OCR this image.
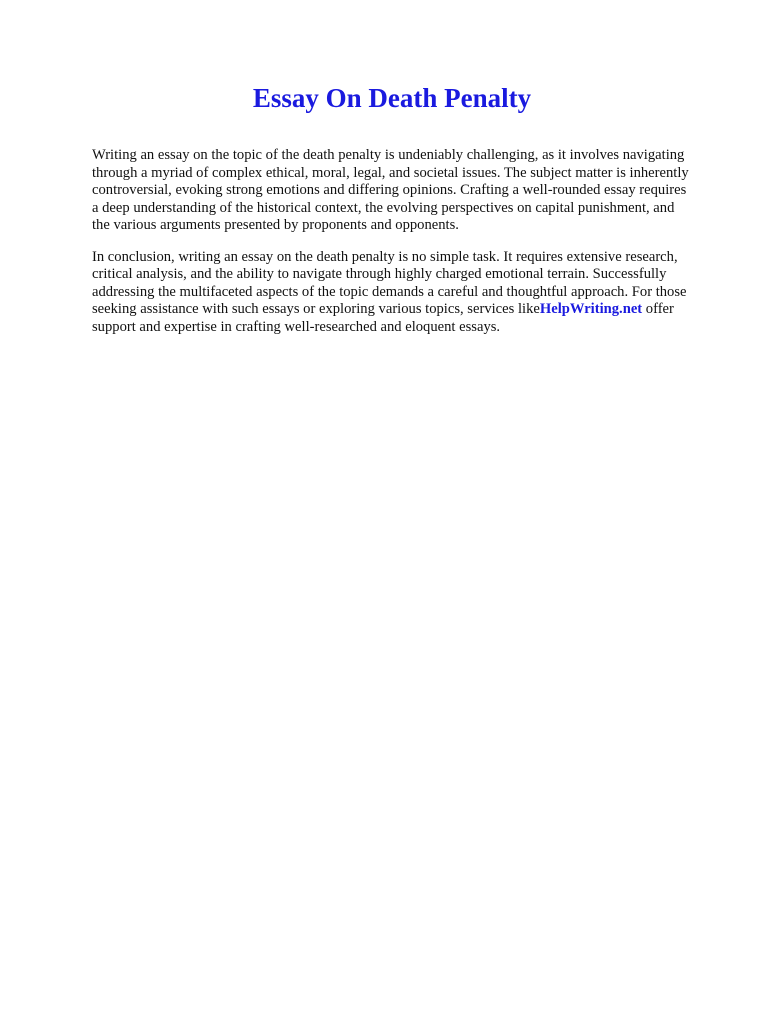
Essay On Death Penalty

Writing an essay on the topic of the death penalty is undeniably challenging, as it involves navigating through a myriad of complex ethical, moral, legal, and societal issues. The subject matter is inherently controversial, evoking strong emotions and differing opinions. Crafting a well-rounded essay requires a deep understanding of the historical context, the evolving perspectives on capital punishment, and the various arguments presented by proponents and opponents.

In conclusion, writing an essay on the death penalty is no simple task. It requires extensive research, critical analysis, and the ability to navigate through highly charged emotional terrain. Successfully addressing the multifaceted aspects of the topic demands a careful and thoughtful approach. For those seeking assistance with such essays or exploring various topics, services likeHelpWriting.net offer support and expertise in crafting well-researched and eloquent essays.
